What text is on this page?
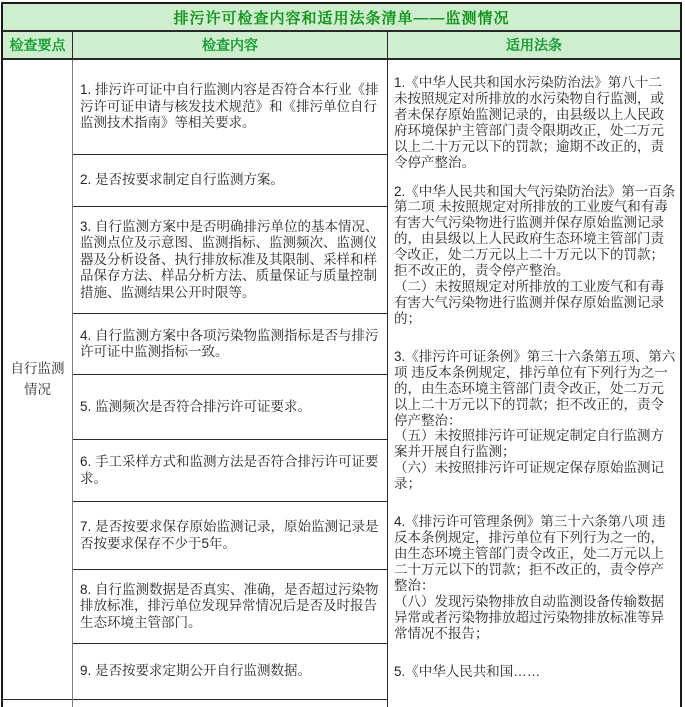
排污许可检查内容和适用法条清单——监测情况
检查要点	检查内容	适用法条
自行监测情况
1. 排污许可证中自行监测内容是否符合本行业《排污许可证申请与核发技术规范》和《排污单位自行监测技术指南》等相关要求。
2. 是否按要求制定自行监测方案。
3. 自行监测方案中是否明确排污单位的基本情况、监测点位及示意图、监测指标、监测频次、监测仪器及分析设备、执行排放标准及其限制、采样和样品保存方法、样品分析方法、质量保证与质量控制措施、监测结果公开时限等。
4. 自行监测方案中各项污染物监测指标是否与排污许可证中监测指标一致。
5. 监测频次是否符合排污许可证要求。
6. 手工采样方式和监测方法是否符合排污许可证要求。
7. 是否按要求保存原始监测记录，原始监测记录是否按要求保存不少于5年。
8. 自行监测数据是否真实、准确，是否超过污染物排放标准，排污单位发现异常情况后是否及时报告生态环境主管部门。
9. 是否按要求定期公开自行监测数据。
1.《中华人民共和国水污染防治法》第八十二 未按照规定对所排放的水污染物自行监测，或者未保存原始监测记录的，由县级以上人民政府环境保护主管部门责令限期改正，处二万元以上二十万元以下的罚款；逾期不改正的，责令停产整治。
2.《中华人民共和国大气污染防治法》第一百条第二项 未按照规定对所排放的工业废气和有毒有害大气污染物进行监测并保存原始监测记录的，由县级以上人民政府生态环境主管部门责令改正，处二万元以上二十万元以下的罚款；拒不改正的，责令停产整治。
（二）未按照规定对所排放的工业废气和有毒有害大气污染物进行监测并保存原始监测记录的；
3.《排污许可证条例》第三十六条第五项、第六项 违反本条例规定，排污单位有下列行为之一的，由生态环境主管部门责令改正，处二万元以上二十万元以下的罚款；拒不改正的，责令停产整治：
（五）未按照排污许可证规定制定自行监测方案并开展自行监测；
（六）未按照排污许可证规定保存原始监测记录；
4.《排污许可管理条例》第三十六条第八项 违反本条例规定，排污单位有下列行为之一的，由生态环境主管部门责令改正，处二万元以上二十万元以下的罚款；拒不改正的，责令停产整治：
（八）发现污染物排放自动监测设备传输数据异常或者污染物排放超过污染物排放标准等异常情况不报告；
5.《中华人民共和国……
